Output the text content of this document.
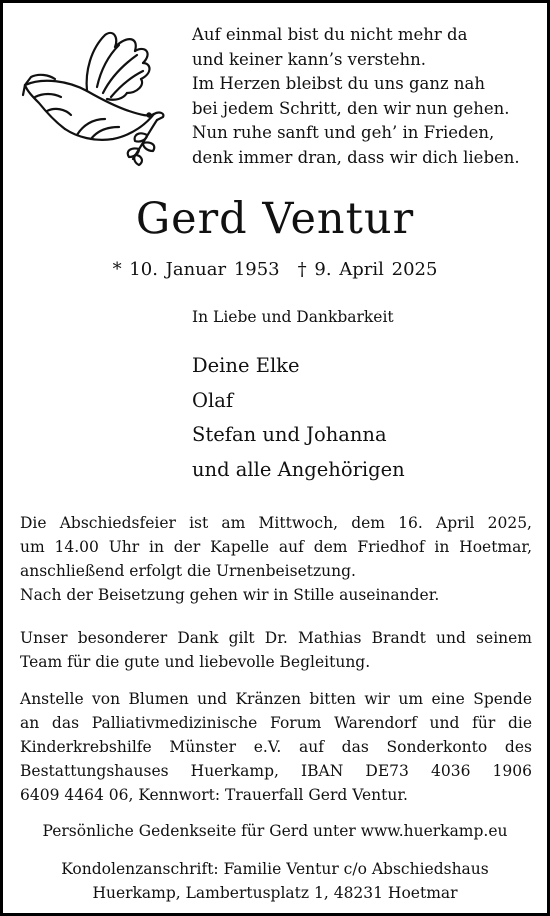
Auf einmal bist du nicht mehr da
und keiner kann’s verstehn.
Im Herzen bleibst du uns ganz nah
bei jedem Schritt, den wir nun gehen.
Nun ruhe sanft und geh’ in Frieden,
denk immer dran, dass wir dich lieben.
Gerd Ventur
* 10. Januar 1953 † 9. April 2025
In Liebe und Dankbarkeit
Deine Elke
Olaf
Stefan und Johanna
und alle Angehörigen

Die Abschiedsfeier ist am Mittwoch, dem 16. April 2025,
um 14.00 Uhr in der Kapelle auf dem Friedhof in Hoetmar,
anschließend erfolgt die Urnenbeisetzung.
Nach der Beisetzung gehen wir in Stille auseinander.

Unser besonderer Dank gilt Dr. Mathias Brandt und seinem
Team für die gute und liebevolle Begleitung.

Anstelle von Blumen und Kränzen bitten wir um eine Spende
an das Palliativmedizinische Forum Warendorf und für die
Kinderkrebshilfe Münster e.V. auf das Sonderkonto des
Bestattungshauses Huerkamp, IBAN DE73 4036 1906
6409 4464 06, Kennwort: Trauerfall Gerd Ventur.

Persönliche Gedenkseite für Gerd unter www.huerkamp.eu
Kondolenzanschrift: Familie Ventur c/o Abschiedshaus
Huerkamp, Lambertusplatz 1, 48231 Hoetmar
